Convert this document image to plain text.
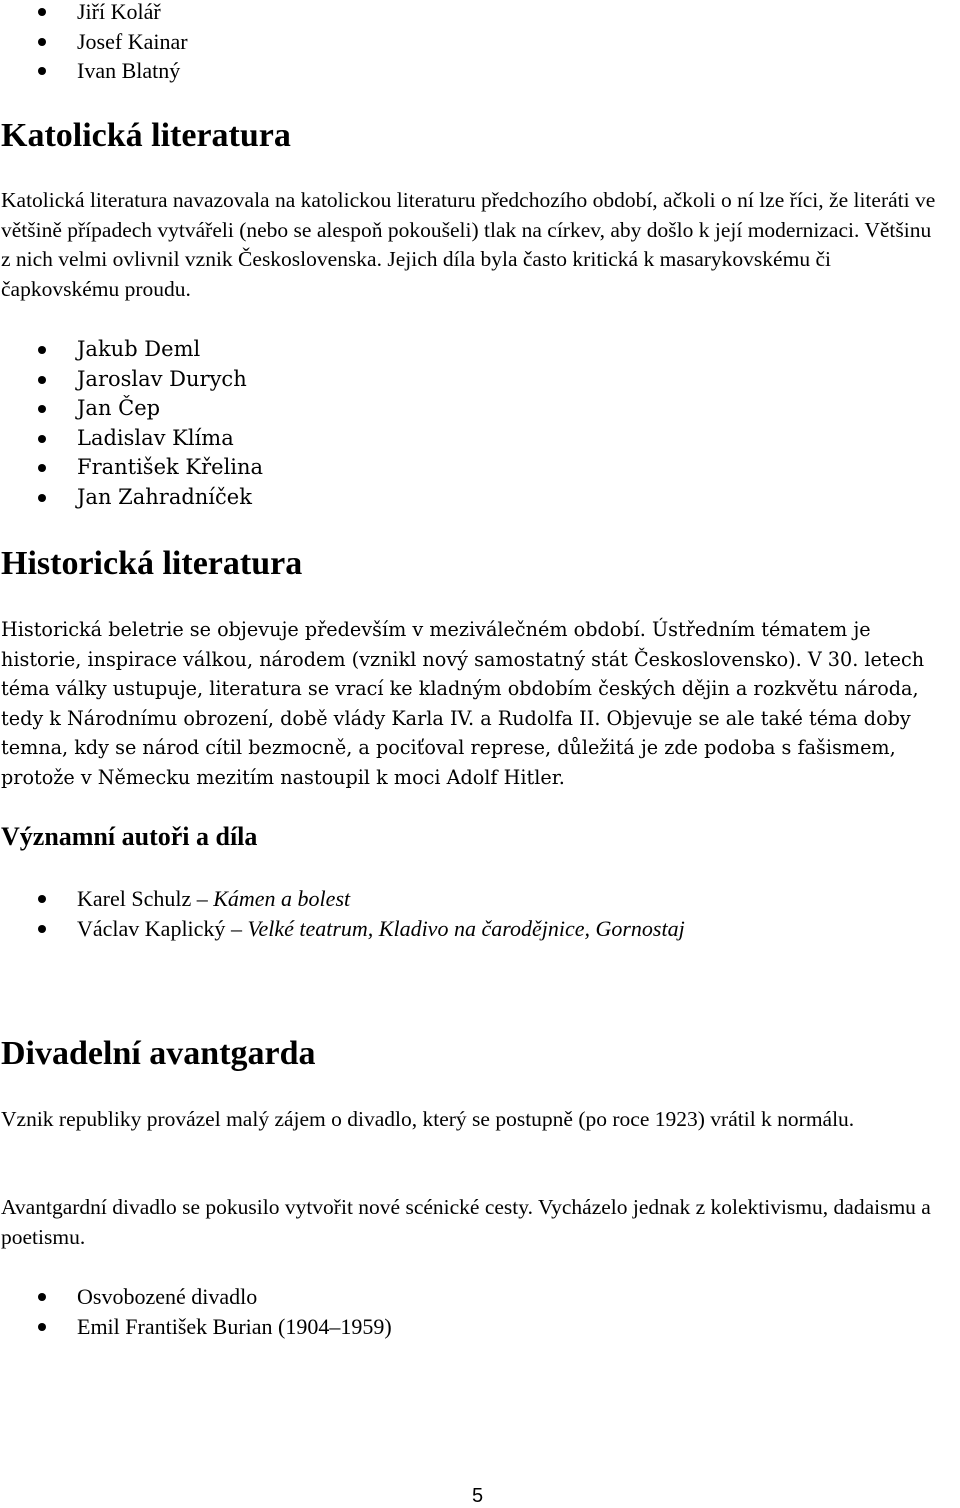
Jiří Kolář
Josef Kainar
Ivan Blatný
Katolická literatura

Katolická literatura navazovala na katolickou literaturu předchozího období, ačkoli o ní lze říci, že literáti ve většině případech vytvářeli (nebo se alespoň pokoušeli) tlak na církev, aby došlo k její modernizaci. Většinu z nich velmi ovlivnil vznik Československa. Jejich díla byla často kritická k masarykovskému či čapkovskému proudu.

Jakub Deml
Jaroslav Durych
Jan Čep
Ladislav Klíma
František Křelina
Jan Zahradníček
Historická literatura

Historická beletrie se objevuje především v meziválečném období. Ústředním tématem je historie, inspirace válkou, národem (vznikl nový samostatný stát Československo). V 30. letech téma války ustupuje, literatura se vrací ke kladným obdobím českých dějin a rozkvětu národa, tedy k Národnímu obrození, době vlády Karla IV. a Rudolfa II. Objevuje se ale také téma doby temna, kdy se národ cítil bezmocně, a pociťoval represe, důležitá je zde podoba s fašismem, protože v Německu mezitím nastoupil k moci Adolf Hitler.

Významní autoři a díla
Karel Schulz – Kámen a bolest
Václav Kaplický – Velké teatrum, Kladivo na čarodějnice, Gornostaj
Divadelní avantgarda

Vznik republiky provázel malý zájem o divadlo, který se postupně (po roce 1923) vrátil k normálu.

Avantgardní divadlo se pokusilo vytvořit nové scénické cesty. Vycházelo jednak z kolektivismu, dadaismu a poetismu.

Osvobozené divadlo
Emil František Burian (1904–1959)
5
